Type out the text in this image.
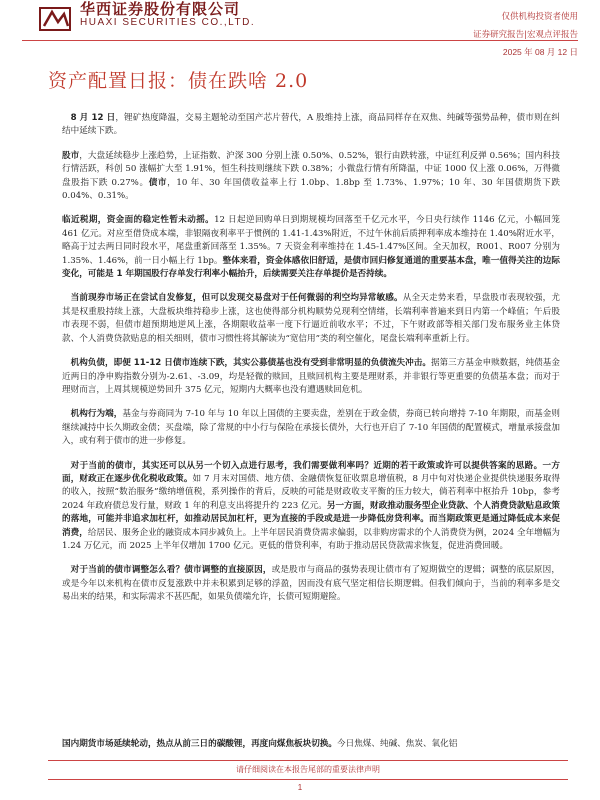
华西证券股份有限公司
HUAXI SECURITIES CO.,LTD.	仅供机构投资者使用
证券研究报告|宏观点评报告
2025 年 08 月 12 日
资产配置日报：债在跌啥 2.0

8 月 12 日，锂矿热度降温，交易主题轮动至国产芯片替代，A 股维持上涨，商品同样存在双焦、纯碱等强势品种，债市则在纠结中延续下跌。

股市，大盘延续稳步上涨趋势，上证指数、沪深 300 分别上涨 0.50%、0.52%，银行由跌转涨，中证红利反弹 0.56%；国内科技行情活跃，科创 50 涨幅扩大至 1.91%，恒生科技则继续下跌 0.38%；小微盘行情有所降温，中证 1000 仅上涨 0.06%，万得微盘股指下跌 0.27%。债市，10 年、30 年国债收益率上行 1.0bp、1.8bp 至 1.73%、1.97%；10 年、30 年国债期货下跌 0.04%、0.31%。

临近税期，资金面的稳定性暂未动摇。12 日起逆回购单日到期规模均回落至千亿元水平，今日央行续作 1146 亿元，小幅回笼 461 亿元。对应至借贷成本端，非银隔夜利率平于惯例的 1.41-1.43%附近，不过午休前后质押利率成本维持在 1.40%附近水平，略高于过去两日同时段水平，尾盘重新回落至 1.35%。7 天资金利率维持在 1.45-1.47%区间。全天加权，R001、R007 分别为 1.35%、1.46%，前一日小幅上行 1bp。整体来看，资金体感依旧舒适，是债市回归修复通道的重要基本盘，唯一值得关注的边际变化，可能是 1 年期国股行存单发行利率小幅抬升，后续需要关注存单提价是否持续。

当前现券市场正在尝试自发修复，但可以发现交易盘对于任何微弱的利空均异常敏感。从全天走势来看，早盘股市表现较强，尤其是权重股持续上涨，大盘板块维持稳步上涨，这也使得部分机构顺势兑现利空情绪，长端利率普遍来到日内第一个峰值；午后股市表现不弱，但债市超预期地逆风上涨，各期限收益率一度下行逼近前收水平；不过，下午财政部等相关部门发布服务业主体贷款、个人消费贷款贴息的相关细则，债市习惯性将其解读为“宽信用”类的利空催化，尾盘长端利率重新上行。

机构负债，即便 11-12 日债市连续下跌，其实公募债基也没有受到非常明显的负债流失冲击。据第三方基金申赎数据，纯债基金近两日的净申购指数分别为-2.61、-3.09，均是轻微的赎回，且赎回机构主要是理财系，并非银行等更重要的负债基本盘；而对于理财而言，上周其规模逆势回升 375 亿元，短期内大概率也没有遭遇赎回危机。

机构行为端，基金与券商同为 7-10 年与 10 年以上国债的主要卖盘，差别在于政金债，券商已转向增持 7-10 年期限，而基金则继续减持中长久期政金债；买盘端，除了常规的中小行与保险在承接长债外，大行也开启了 7-10 年国债的配置模式，增量承接盘加入，或有利于债市的进一步修复。

对于当前的债市，其实还可以从另一个切入点进行思考，我们需要做利率吗？近期的若干政策或许可以提供答案的思路。一方面，财政正在逐步优化税收政策。如 7 月末对国债、地方债、金融债恢复征收票息增值税，8 月中旬对快递企业提供快递服务取得的收入，按照“数治服务”缴纳增值税，系列操作的背后，反映的可能是财政收支平衡的压力较大，倘若利率中枢抬升 10bp，参考 2024 年政府债总发行量，财政 1 年的利息支出将提升约 223 亿元。另一方面，财政推动服务型企业贷款、个人消费贷款贴息政策的落地，可能并非追求加杠杆，如推动居民加杠杆，更为直接的手段或是进一步降低房贷利率。而当期政策更是通过降低成本来促消费，给居民、服务企业的融资成本同步减负上。上半年居民消费贷需求偏弱，以非购房需求的个人消费贷为例，2024 全年增幅为 1.24 万亿元，而 2025 上半年仅增加 1700 亿元。更低的借贷利率，有助于推动居民贷款需求恢复，促进消费回暖。

对于当前的债市调整怎么看？债市调整的直接原因，或是股市与商品的强势表现让债市有了短期做空的逻辑；调整的底层原因，或是今年以来机构在债市反复涨跌中并未积累到足够的浮盈，因而没有底气坚定相信长期逻辑。但我们倾向于，当前的利率多是交易出来的结果，和实际需求不甚匹配，如果负债端允许，长债可短期避险。

国内期货市场延续轮动，热点从前三日的碳酸锂，再度向煤焦板块切换。今日焦煤、纯碱、焦炭、氧化铝
请仔细阅读在本报告尾部的重要法律声明
1
